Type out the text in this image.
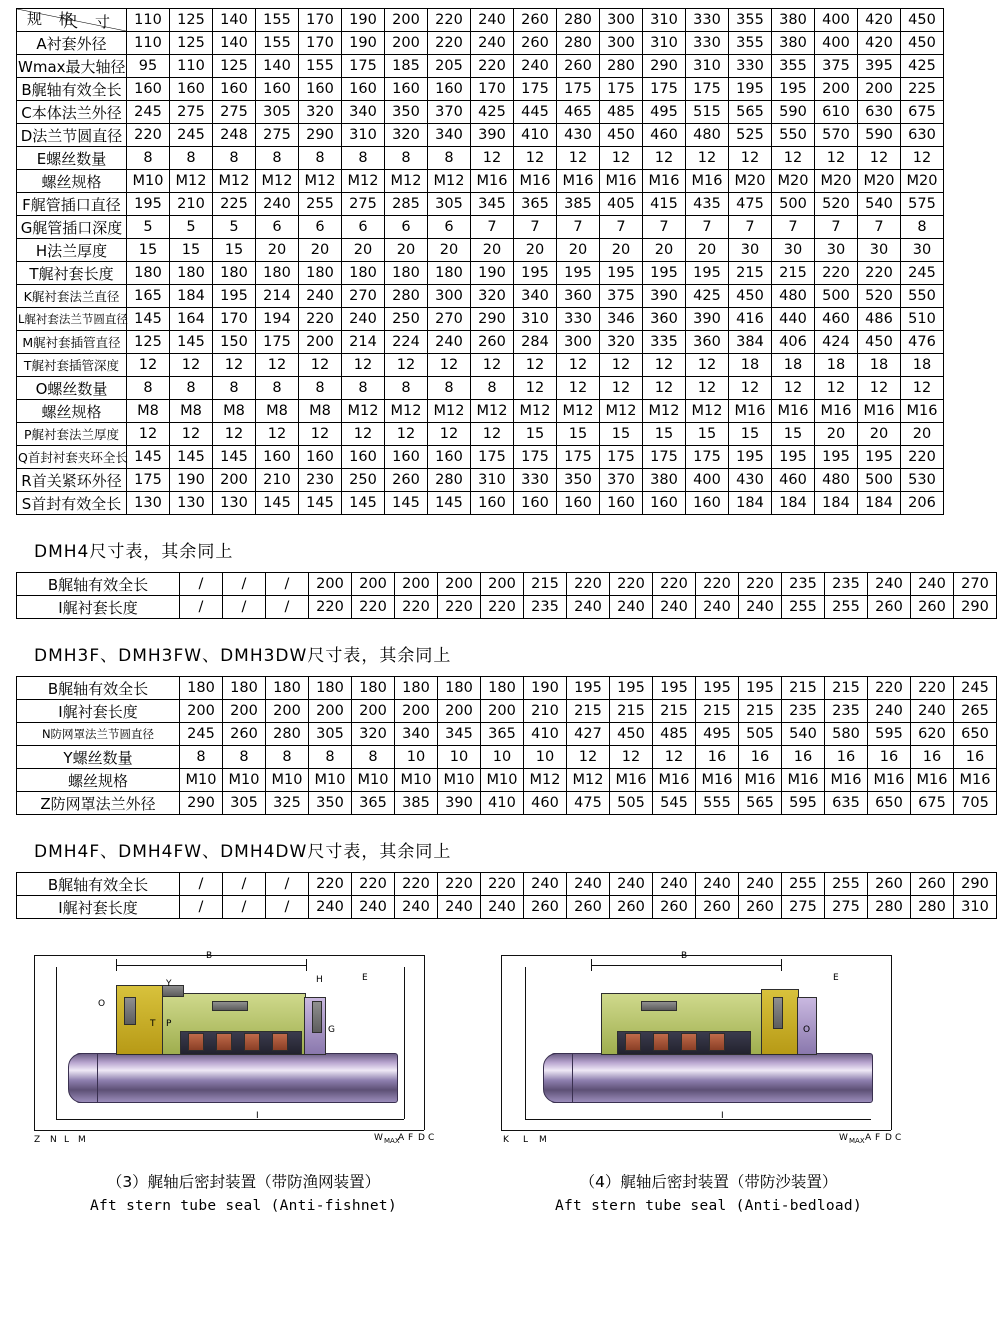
尺 寸
规 格	110	125	140	155	170	190	200	220	240	260	280	300	310	330	355	380	400	420	450
A衬套外径	110	125	140	155	170	190	200	220	240	260	280	300	310	330	355	380	400	420	450
Wmax最大轴径	95	110	125	140	155	175	185	205	220	240	260	280	290	310	330	355	375	395	425
B艉轴有效全长	160	160	160	160	160	160	160	160	170	175	175	175	175	175	195	195	200	200	225
C本体法兰外径	245	275	275	305	320	340	350	370	425	445	465	485	495	515	565	590	610	630	675
D法兰节圆直径	220	245	248	275	290	310	320	340	390	410	430	450	460	480	525	550	570	590	630
E螺丝数量	8	8	8	8	8	8	8	8	12	12	12	12	12	12	12	12	12	12	12
螺丝规格	M10	M12	M12	M12	M12	M12	M12	M12	M16	M16	M16	M16	M16	M16	M20	M20	M20	M20	M20
F艉管插口直径	195	210	225	240	255	275	285	305	345	365	385	405	415	435	475	500	520	540	575
G艉管插口深度	5	5	5	6	6	6	6	6	7	7	7	7	7	7	7	7	7	7	8
H法兰厚度	15	15	15	20	20	20	20	20	20	20	20	20	20	20	30	30	30	30	30
T艉衬套长度	180	180	180	180	180	180	180	180	190	195	195	195	195	195	215	215	220	220	245
K艉衬套法兰直径	165	184	195	214	240	270	280	300	320	340	360	375	390	425	450	480	500	520	550
L艉衬套法兰节圆直径	145	164	170	194	220	240	250	270	290	310	330	346	360	390	416	440	460	486	510
M艉衬套插管直径	125	145	150	175	200	214	224	240	260	284	300	320	335	360	384	406	424	450	476
T艉衬套插管深度	12	12	12	12	12	12	12	12	12	12	12	12	12	12	18	18	18	18	18
O螺丝数量	8	8	8	8	8	8	8	8	8	12	12	12	12	12	12	12	12	12	12
螺丝规格	M8	M8	M8	M8	M8	M12	M12	M12	M12	M12	M12	M12	M12	M12	M16	M16	M16	M16	M16
P艉衬套法兰厚度	12	12	12	12	12	12	12	12	12	15	15	15	15	15	15	15	20	20	20
Q首封衬套夹环全长	145	145	145	160	160	160	160	160	175	175	175	175	175	175	195	195	195	195	220
R首关紧环外径	175	190	200	210	230	250	260	280	310	330	350	370	380	400	430	460	480	500	530
S首封有效全长	130	130	130	145	145	145	145	145	160	160	160	160	160	160	184	184	184	184	206
DMH4尺寸表，其余同上
B艉轴有效全长	/	/	/	200	200	200	200	200	215	220	220	220	220	220	235	235	240	240	270
I艉衬套长度	/	/	/	220	220	220	220	220	235	240	240	240	240	240	255	255	260	260	290
DMH3F、DMH3FW、DMH3DW尺寸表，其余同上
B艉轴有效全长	180	180	180	180	180	180	180	180	190	195	195	195	195	195	215	215	220	220	245
I艉衬套长度	200	200	200	200	200	200	200	200	210	215	215	215	215	215	235	235	240	240	265
N防网罩法兰节圆直径	245	260	280	305	320	340	345	365	410	427	450	485	495	505	540	580	595	620	650
Y螺丝数量	8	8	8	8	8	10	10	10	10	12	12	12	16	16	16	16	16	16	16
螺丝规格	M10	M10	M10	M10	M10	M10	M10	M10	M12	M12	M16	M16	M16	M16	M16	M16	M16	M16	M16
Z防网罩法兰外径	290	305	325	350	365	385	390	410	460	475	505	545	555	565	595	635	650	675	705
DMH4F、DMH4FW、DMH4DW尺寸表，其余同上
B艉轴有效全长	/	/	/	220	220	220	220	220	240	240	240	240	240	240	255	255	260	260	290
I艉衬套长度	/	/	/	240	240	240	240	240	260	260	260	260	260	260	275	275	280	280	310
B
Y	H	E
O
T P
G
I
Z N L M	W MAX
A F D C
（3）艉轴后密封装置（带防渔网装置）
Aft stern tube seal (Anti-fishnet)
B
E
O
I
K L M	W MAX A F D C
（4）艉轴后密封装置（带防沙装置）
Aft stern tube seal (Anti-bedload)
